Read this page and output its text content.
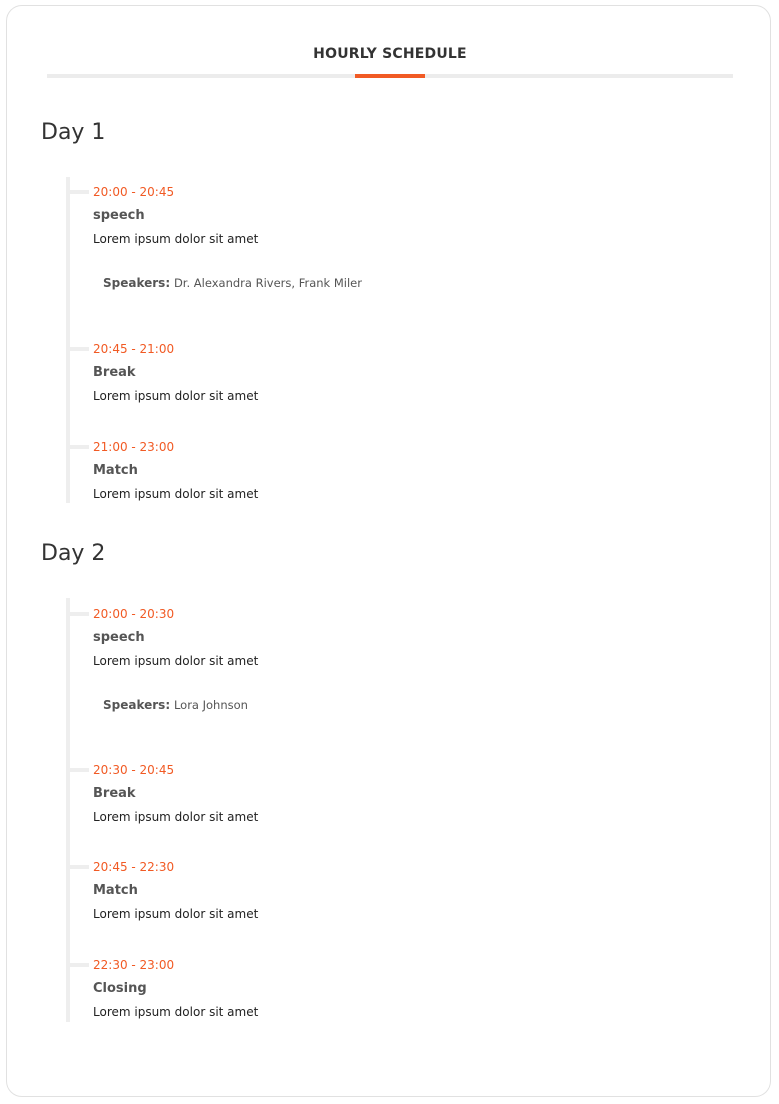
HOURLY SCHEDULE
Day 1
20:00 - 20:45
speech
Lorem ipsum dolor sit amet
Speakers: Dr. Alexandra Rivers, Frank Miler
20:45 - 21:00
Break
Lorem ipsum dolor sit amet
21:00 - 23:00
Match
Lorem ipsum dolor sit amet
Day 2
20:00 - 20:30
speech
Lorem ipsum dolor sit amet
Speakers: Lora Johnson
20:30 - 20:45
Break
Lorem ipsum dolor sit amet
20:45 - 22:30
Match
Lorem ipsum dolor sit amet
22:30 - 23:00
Closing
Lorem ipsum dolor sit amet
